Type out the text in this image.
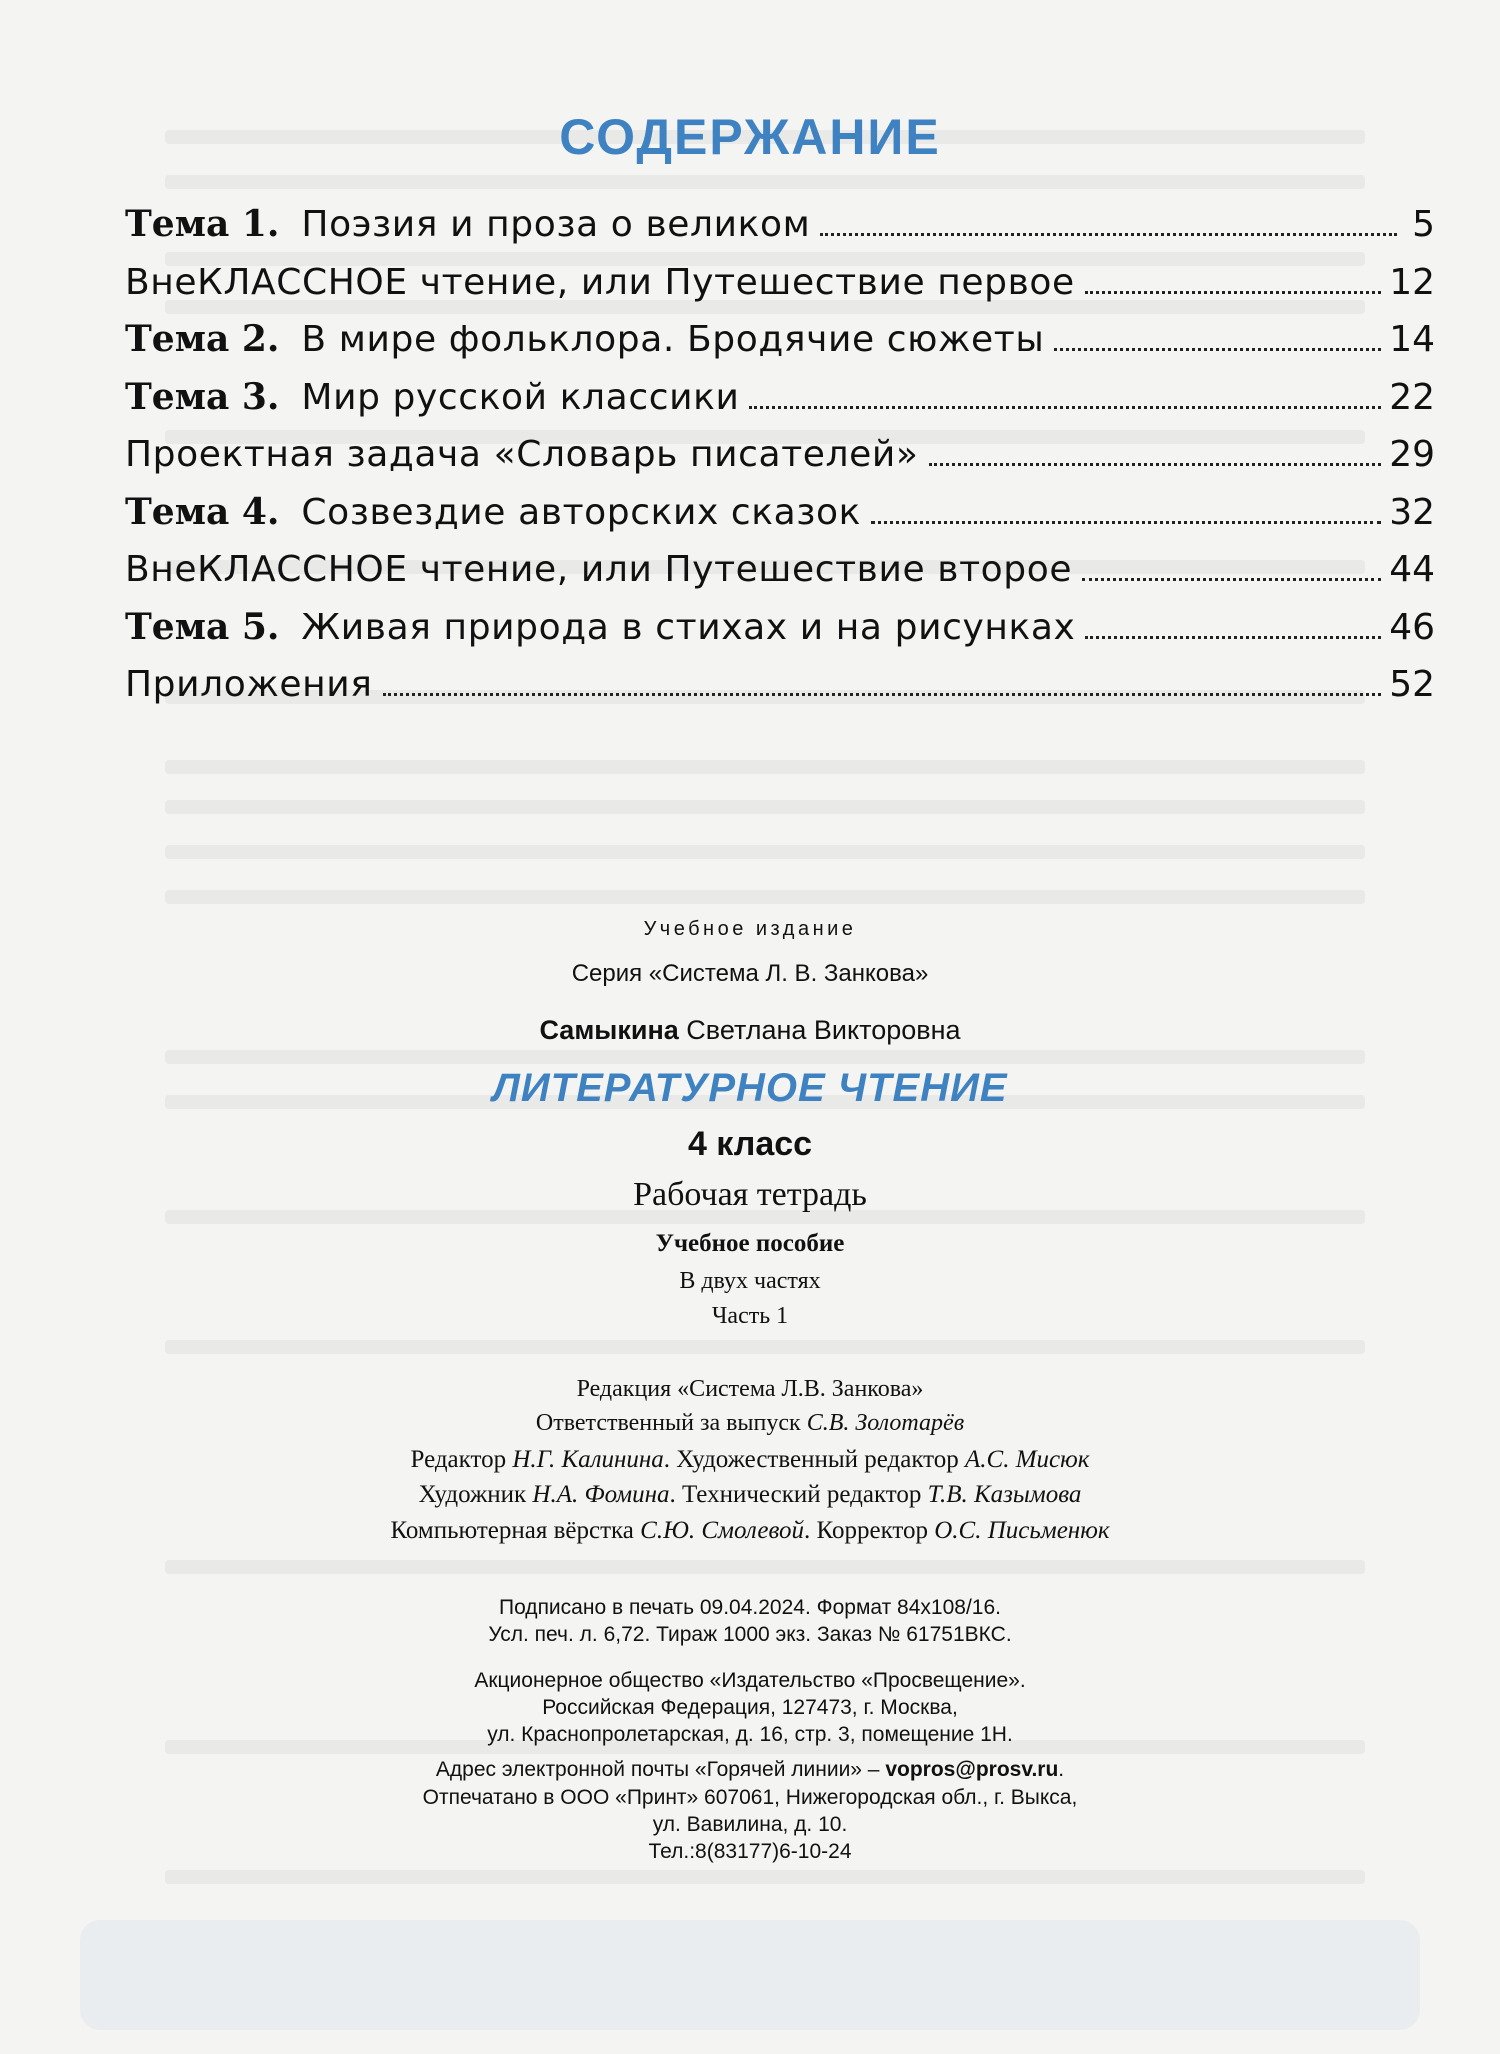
СОДЕРЖАНИЕ
Тема 1. Поэзия и проза о великом	5
ВнеКЛАССНОЕ чтение, или Путешествие первое	12
Тема 2. В мире фольклора. Бродячие сюжеты	14
Тема 3. Мир русской классики	22
Проектная задача «Словарь писателей»	29
Тема 4. Созвездие авторских сказок	32
ВнеКЛАССНОЕ чтение, или Путешествие второе	44
Тема 5. Живая природа в стихах и на рисунках	46
Приложения	52
Учебное издание
Серия «Система Л. В. Занкова»
Самыкина Светлана Викторовна
ЛИТЕРАТУРНОЕ ЧТЕНИЕ
4 класс
Рабочая тетрадь
Учебное пособие
В двух частях
Часть 1
Редакция «Система Л.В. Занкова»
Ответственный за выпуск С.В. Золотарёв
Редактор Н.Г. Калинина. Художественный редактор А.С. Мисюк
Художник Н.А. Фомина. Технический редактор Т.В. Казымова
Компьютерная вёрстка С.Ю. Смолевой. Корректор О.С. Письменюк
Подписано в печать 09.04.2024. Формат 84x108/16.
Усл. печ. л. 6,72. Тираж 1000 экз. Заказ № 61751ВКС.
Акционерное общество «Издательство «Просвещение».
Российская Федерация, 127473, г. Москва,
ул. Краснопролетарская, д. 16, стр. 3, помещение 1Н.
Адрес электронной почты «Горячей линии» – vopros@prosv.ru.
Отпечатано в ООО «Принт» 607061, Нижегородская обл., г. Выкса,
ул. Вавилина, д. 10.
Тел.:8(83177)6-10-24
